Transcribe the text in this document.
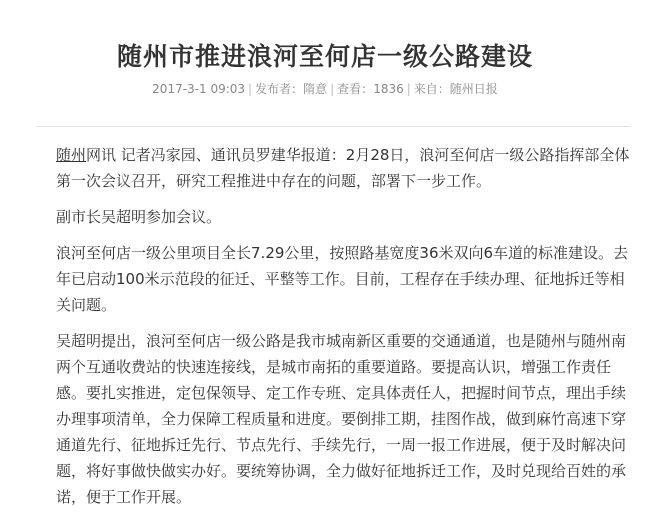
随州市推进浪河至何店一级公路建设
2017-3-1 09:03 | 发布者：隋意 | 查看：1836 | 来自：随州日报

随州网讯 记者冯家园、通讯员罗建华报道：2月28日，浪河至何店一级公路指挥部全体第一次会议召开，研究工程推进中存在的问题，部署下一步工作。

副市长吴超明参加会议。

浪河至何店一级公里项目全长7.29公里，按照路基宽度36米双向6车道的标准建设。去年已启动100米示范段的征迁、平整等工作。目前，工程存在手续办理、征地拆迁等相关问题。

吴超明提出，浪河至何店一级公路是我市城南新区重要的交通通道，也是随州与随州南两个互通收费站的快速连接线，是城市南拓的重要道路。要提高认识，增强工作责任感。要扎实推进，定包保领导、定工作专班、定具体责任人，把握时间节点，理出手续办理事项清单，全力保障工程质量和进度。要倒排工期，挂图作战，做到麻竹高速下穿通道先行、征地拆迁先行、节点先行、手续先行，一周一报工作进展，便于及时解决问题，将好事做快做实办好。要统筹协调，全力做好征地拆迁工作，及时兑现给百姓的承诺，便于工作开展。
